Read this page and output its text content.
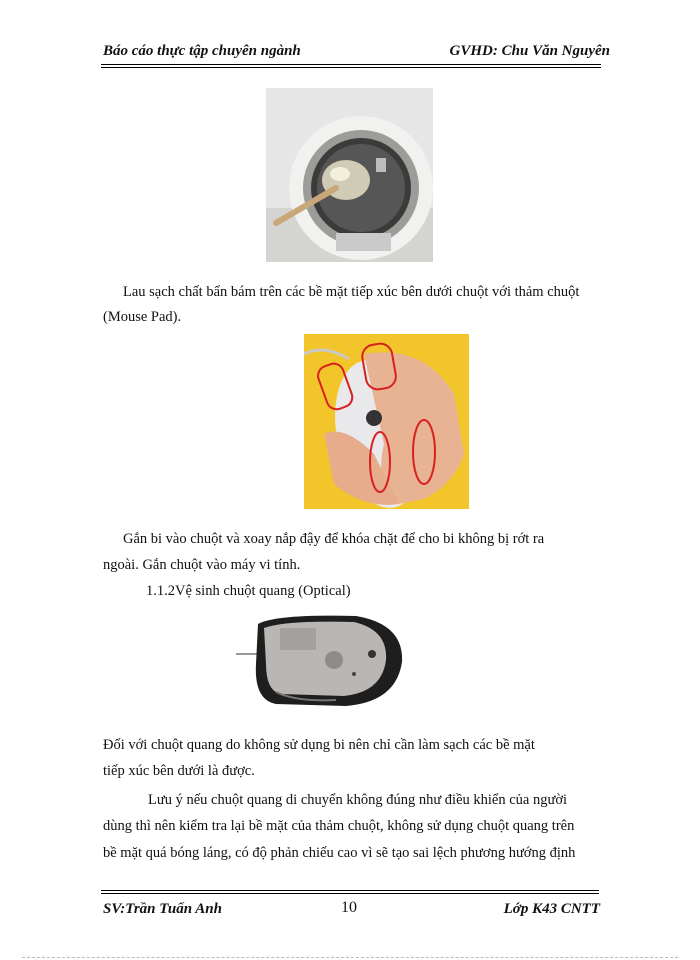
Báo cáo thực tập chuyên ngành	GVHD: Chu Văn Nguyên
Lau sạch chất bẩn bám trên các bề mặt tiếp xúc bên dưới chuột với thảm chuột
(Mouse Pad).
Gắn bi vào chuột và xoay nắp đậy để khóa chặt để cho bi không bị rớt ra
ngoài. Gắn chuột vào máy vi tính.
1.1.2Vệ sinh chuột quang (Optical)
Đối với chuột quang do không sử dụng bi nên chỉ cần làm sạch các bề mặt
tiếp xúc bên dưới là được.
Lưu ý nếu chuột quang di chuyển không đúng như điều khiển của người
dùng thì nên kiểm tra lại bề mặt của thảm chuột, không sử dụng chuột quang trên
bề mặt quá bóng láng, có độ phản chiếu cao vì sẽ tạo sai lệch phương hướng định
SV:Trần Tuấn Anh	10	Lớp K43 CNTT
